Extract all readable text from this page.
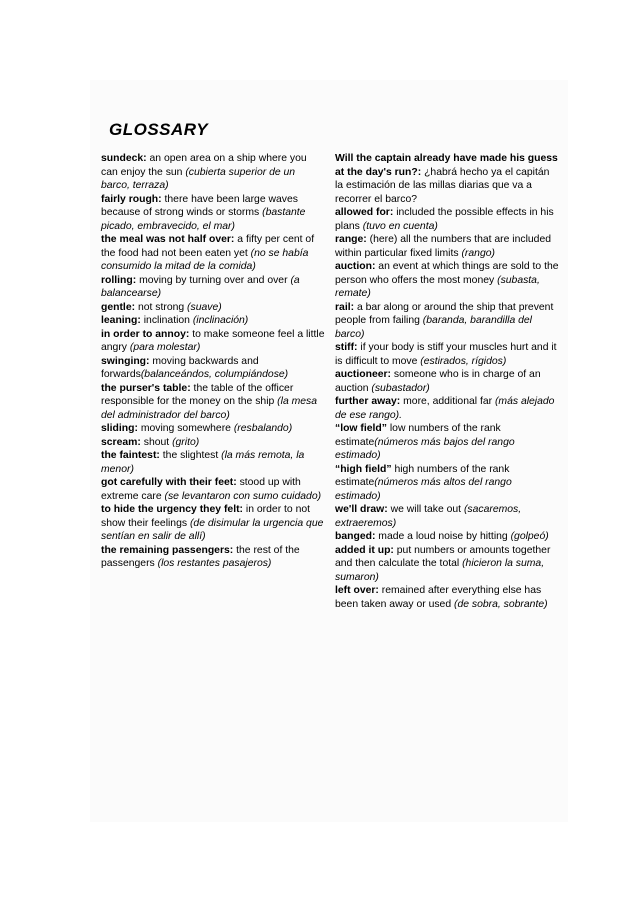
GLOSSARY

sundeck: an open area on a ship where you can enjoy the sun (cubierta superior de un barco, terraza)

fairly rough: there have been large waves because of strong winds or storms (bastante picado, embravecido, el mar)

the meal was not half over: a fifty per cent of the food had not been eaten yet (no se había consumido la mitad de la comida)

rolling: moving by turning over and over (a balancearse)

gentle: not strong (suave)

leaning: inclination (inclinación)

in order to annoy: to make someone feel a little angry (para molestar)

swinging: moving backwards and forwards(balanceándos, columpiándose)

the purser's table: the table of the officer responsible for the money on the ship (la mesa del administrador del barco)

sliding: moving somewhere (resbalando)

scream: shout (grito)

the faintest: the slightest (la más remota, la menor)

got carefully with their feet: stood up with extreme care (se levantaron con sumo cuidado)

to hide the urgency they felt: in order to not show their feelings (de disimular la urgencia que sentían en salir de allí)

the remaining passengers: the rest of the passengers (los restantes pasajeros)

Will the captain already have made his guess at the day's run?: ¿habrá hecho ya el capitán la estimación de las millas diarias que va a recorrer el barco?

allowed for: included the possible effects in his plans (tuvo en cuenta)

range: (here) all the numbers that are included within particular fixed limits (rango)

auction: an event at which things are sold to the person who offers the most money (subasta, remate)

rail: a bar along or around the ship that prevent people from failing (baranda, barandilla del barco)

stiff: if your body is stiff your muscles hurt and it is difficult to move (estirados, rígidos)

auctioneer: someone who is in charge of an auction (subastador)

further away: more, additional far (más alejado de ese rango).

“low field” low numbers of the rank estimate(números más bajos del rango estimado)

“high field” high numbers of the rank estimate(números más altos del rango estimado)

we'll draw: we will take out (sacaremos, extraeremos)

banged: made a loud noise by hitting (golpeó)

added it up: put numbers or amounts together and then calculate the total (hicieron la suma, sumaron)

left over: remained after everything else has been taken away or used (de sobra, sobrante)
